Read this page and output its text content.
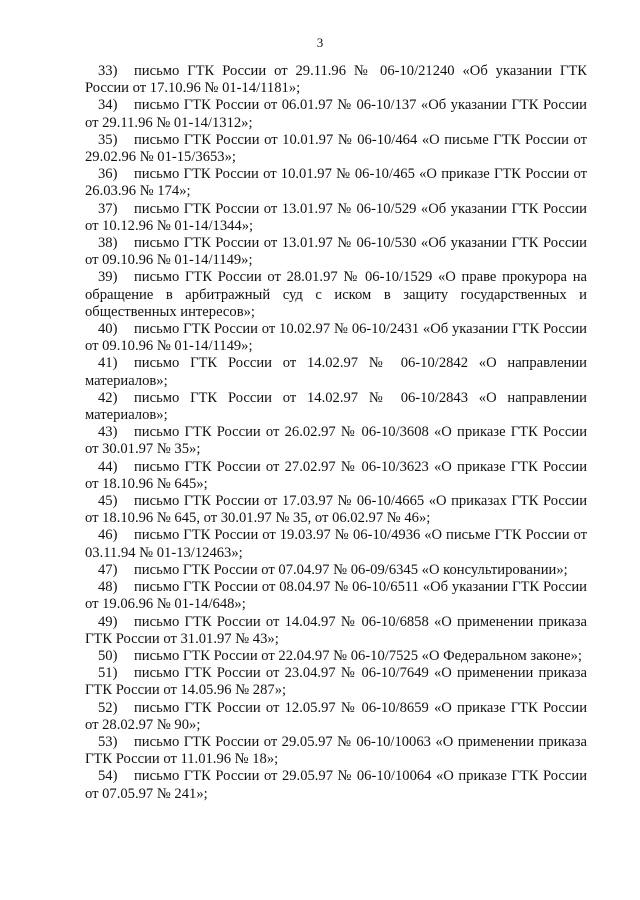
3

33) письмо ГТК России от 29.11.96 № 06-10/21240 «Об указании ГТК России от 17.10.96 № 01-14/1181»;

34) письмо ГТК России от 06.01.97 № 06-10/137 «Об указании ГТК России от 29.11.96 № 01-14/1312»;

35) письмо ГТК России от 10.01.97 № 06-10/464 «О письме ГТК России от 29.02.96 № 01-15/3653»;

36) письмо ГТК России от 10.01.97 № 06-10/465 «О приказе ГТК России от 26.03.96 № 174»;

37) письмо ГТК России от 13.01.97 № 06-10/529 «Об указании ГТК России от 10.12.96 № 01-14/1344»;

38) письмо ГТК России от 13.01.97 № 06-10/530 «Об указании ГТК России от 09.10.96 № 01-14/1149»;

39) письмо ГТК России от 28.01.97 № 06-10/1529 «О праве прокурора на обращение в арбитражный суд с иском в защиту государственных и общественных интересов»;

40) письмо ГТК России от 10.02.97 № 06-10/2431 «Об указании ГТК России от 09.10.96 № 01-14/1149»;

41) письмо ГТК России от 14.02.97 № 06-10/2842 «О направлении материалов»;

42) письмо ГТК России от 14.02.97 № 06-10/2843 «О направлении материалов»;

43) письмо ГТК России от 26.02.97 № 06-10/3608 «О приказе ГТК России от 30.01.97 № 35»;

44) письмо ГТК России от 27.02.97 № 06-10/3623 «О приказе ГТК России от 18.10.96 № 645»;

45) письмо ГТК России от 17.03.97 № 06-10/4665 «О приказах ГТК России от 18.10.96 № 645, от 30.01.97 № 35, от 06.02.97 № 46»;

46) письмо ГТК России от 19.03.97 № 06-10/4936 «О письме ГТК России от 03.11.94 № 01-13/12463»;

47) письмо ГТК России от 07.04.97 № 06-09/6345 «О консультировании»;

48) письмо ГТК России от 08.04.97 № 06-10/6511 «Об указании ГТК России от 19.06.96 № 01-14/648»;

49) письмо ГТК России от 14.04.97 № 06-10/6858 «О применении приказа ГТК России от 31.01.97 № 43»;

50) письмо ГТК России от 22.04.97 № 06-10/7525 «О Федеральном законе»;

51) письмо ГТК России от 23.04.97 № 06-10/7649 «О применении приказа ГТК России от 14.05.96 № 287»;

52) письмо ГТК России от 12.05.97 № 06-10/8659 «О приказе ГТК России от 28.02.97 № 90»;

53) письмо ГТК России от 29.05.97 № 06-10/10063 «О применении приказа ГТК России от 11.01.96 № 18»;

54) письмо ГТК России от 29.05.97 № 06-10/10064 «О приказе ГТК России от 07.05.97 № 241»;
